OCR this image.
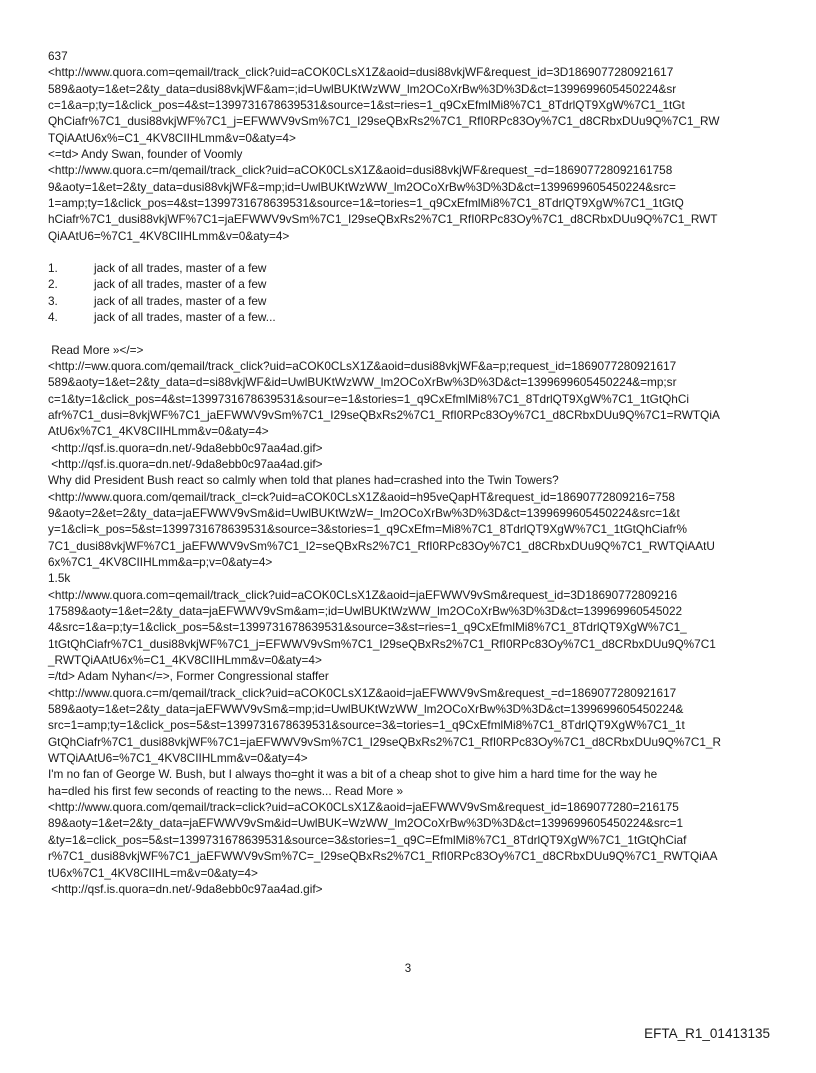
637
<http://www.quora.com=qemail/track_click?uid=aCOK0CLsX1Z&aoid=dusi88vkjWF&request_id=3D1869077280921617
589&aoty=1&et=2&ty_data=dusi88vkjWF&am=;id=UwlBUKtWzWW_lm2OCoXrBw%3D%3D&ct=1399699605450224&sr
c=1&a=p;ty=1&click_pos=4&st=1399731678639531&source=1&st=ries=1_q9CxEfmlMi8%7C1_8TdrlQT9XgW%7C1_1tGt
QhCiafr%7C1_dusi88vkjWF%7C1_j=EFWWV9vSm%7C1_I29seQBxRs2%7C1_RfI0RPc83Oy%7C1_d8CRbxDUu9Q%7C1_RW
TQiAAtU6x%=C1_4KV8CIIHLmm&v=0&aty=4>
<=td> Andy Swan, founder of Voomly
<http://www.quora.c=m/qemail/track_click?uid=aCOK0CLsX1Z&aoid=dusi88vkjWF&request_=d=186907728092161758
9&aoty=1&et=2&ty_data=dusi88vkjWF&=mp;id=UwlBUKtWzWW_lm2OCoXrBw%3D%3D&ct=1399699605450224&src=
1=amp;ty=1&click_pos=4&st=1399731678639531&source=1&=tories=1_q9CxEfmlMi8%7C1_8TdrlQT9XgW%7C1_1tGtQ
hCiafr%7C1_dusi88vkjWF%7C1=jaEFWWV9vSm%7C1_I29seQBxRs2%7C1_RfI0RPc83Oy%7C1_d8CRbxDUu9Q%7C1_RWT
QiAAtU6=%7C1_4KV8CIIHLmm&v=0&aty=4>
1.	jack of all trades, master of a few
2.	jack of all trades, master of a few
3.	jack of all trades, master of a few
4.	jack of all trades, master of a few...
Read More »</=>
<http://=ww.quora.com/qemail/track_click?uid=aCOK0CLsX1Z&aoid=dusi88vkjWF&a=p;request_id=1869077280921617
589&aoty=1&et=2&ty_data=d=si88vkjWF&id=UwlBUKtWzWW_lm2OCoXrBw%3D%3D&ct=1399699605450224&=mp;sr
c=1&ty=1&click_pos=4&st=1399731678639531&sour=e=1&stories=1_q9CxEfmlMi8%7C1_8TdrlQT9XgW%7C1_1tGtQhCi
afr%7C1_dusi=8vkjWF%7C1_jaEFWWV9vSm%7C1_I29seQBxRs2%7C1_RfI0RPc83Oy%7C1_d8CRbxDUu9Q%7C1=RWTQiA
AtU6x%7C1_4KV8CIIHLmm&v=0&aty=4>
<http://qsf.is.quora=dn.net/-9da8ebb0c97aa4ad.gif>
<http://qsf.is.quora=dn.net/-9da8ebb0c97aa4ad.gif>
Why did President Bush react so calmly when told that planes had=crashed into the Twin Towers?
<http://www.quora.com/qemail/track_cl=ck?uid=aCOK0CLsX1Z&aoid=h95veQapHT&request_id=18690772809216=758
9&aoty=2&et=2&ty_data=jaEFWWV9vSm&id=UwlBUKtWzW=_lm2OCoXrBw%3D%3D&ct=1399699605450224&src=1&t
y=1&cli=k_pos=5&st=1399731678639531&source=3&stories=1_q9CxEfm=Mi8%7C1_8TdrlQT9XgW%7C1_1tGtQhCiafr%
7C1_dusi88vkjWF%7C1_jaEFWWV9vSm%7C1_I2=seQBxRs2%7C1_RfI0RPc83Oy%7C1_d8CRbxDUu9Q%7C1_RWTQiAAtU
6x%7C1_4KV8CIIHLmm&a=p;v=0&aty=4>
1.5k
<http://www.quora.com=qemail/track_click?uid=aCOK0CLsX1Z&aoid=jaEFWWV9vSm&request_id=3D18690772809216
17589&aoty=1&et=2&ty_data=jaEFWWV9vSm&am=;id=UwlBUKtWzWW_lm2OCoXrBw%3D%3D&ct=139969960545022
4&src=1&a=p;ty=1&click_pos=5&st=1399731678639531&source=3&st=ries=1_q9CxEfmlMi8%7C1_8TdrlQT9XgW%7C1_
1tGtQhCiafr%7C1_dusi88vkjWF%7C1_j=EFWWV9vSm%7C1_I29seQBxRs2%7C1_RfI0RPc83Oy%7C1_d8CRbxDUu9Q%7C1
_RWTQiAAtU6x%=C1_4KV8CIIHLmm&v=0&aty=4>
=/td> Adam Nyhan</=>, Former Congressional staffer
<http://www.quora.c=m/qemail/track_click?uid=aCOK0CLsX1Z&aoid=jaEFWWV9vSm&request_=d=1869077280921617
589&aoty=1&et=2&ty_data=jaEFWWV9vSm&=mp;id=UwlBUKtWzWW_lm2OCoXrBw%3D%3D&ct=1399699605450224&
src=1=amp;ty=1&click_pos=5&st=1399731678639531&source=3&=tories=1_q9CxEfmlMi8%7C1_8TdrlQT9XgW%7C1_1t
GtQhCiafr%7C1_dusi88vkjWF%7C1=jaEFWWV9vSm%7C1_I29seQBxRs2%7C1_RfI0RPc83Oy%7C1_d8CRbxDUu9Q%7C1_R
WTQiAAtU6=%7C1_4KV8CIIHLmm&v=0&aty=4>
I'm no fan of George W. Bush, but I always tho=ght it was a bit of a cheap shot to give him a hard time for the way he
ha=dled his first few seconds of reacting to the news... Read More »
<http://www.quora.com/qemail/track=click?uid=aCOK0CLsX1Z&aoid=jaEFWWV9vSm&request_id=1869077280=216175
89&aoty=1&et=2&ty_data=jaEFWWV9vSm&id=UwlBUK=WzWW_lm2OCoXrBw%3D%3D&ct=1399699605450224&src=1
&ty=1&=click_pos=5&st=1399731678639531&source=3&stories=1_q9C=EfmlMi8%7C1_8TdrlQT9XgW%7C1_1tGtQhCiaf
r%7C1_dusi88vkjWF%7C1_jaEFWWV9vSm%7C=_I29seQBxRs2%7C1_RfI0RPc83Oy%7C1_d8CRbxDUu9Q%7C1_RWTQiAA
tU6x%7C1_4KV8CIIHL=m&v=0&aty=4>
<http://qsf.is.quora=dn.net/-9da8ebb0c97aa4ad.gif>
3
EFTA_R1_01413135
